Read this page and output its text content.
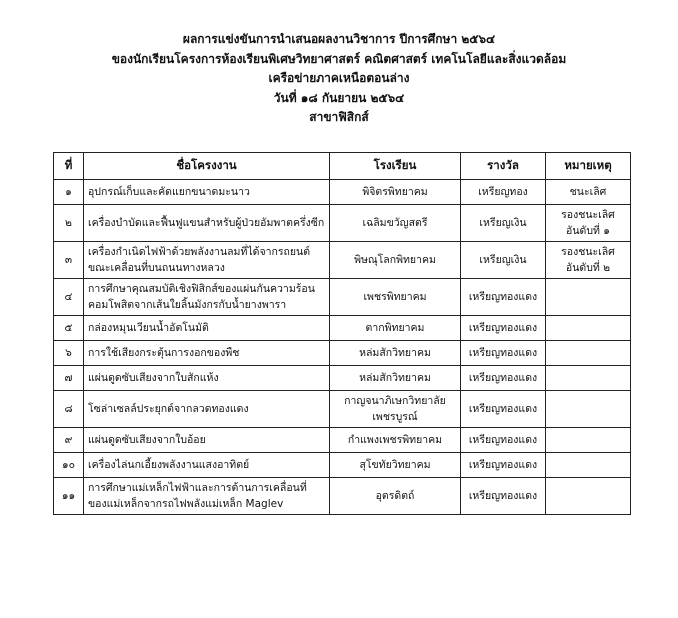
ผลการแข่งขันการนำเสนอผลงานวิชาการ ปีการศึกษา ๒๕๖๔
ของนักเรียนโครงการห้องเรียนพิเศษวิทยาศาสตร์ คณิตศาสตร์ เทคโนโลยีและสิ่งแวดล้อม
เครือข่ายภาคเหนือตอนล่าง
วันที่ ๑๘ กันยายน ๒๕๖๔
สาขาฟิสิกส์
ที่	ชื่อโครงงาน	โรงเรียน	รางวัล	หมายเหตุ
๑	อุปกรณ์เก็บและคัดแยกขนาดมะนาว	พิจิตรพิทยาคม	เหรียญทอง	ชนะเลิศ
๒	เครื่องบำบัดและฟื้นฟูแขนสำหรับผู้ป่วยอัมพาตครึ่งซีก	เฉลิมขวัญสตรี	เหรียญเงิน	รองชนะเลิศอันดับที่ ๑
๓	เครื่องกำเนิดไฟฟ้าด้วยพลังงานลมที่ได้จากรถยนต์ขณะเคลื่อนที่บนถนนทางหลวง	พิษณุโลกพิทยาคม	เหรียญเงิน	รองชนะเลิศอันดับที่ ๒
๔	การศึกษาคุณสมบัติเชิงฟิสิกส์ของแผ่นกันความร้อนคอมโพสิตจากเส้นใยลิ้นมังกรกับน้ำยางพารา	เพชรพิทยาคม	เหรียญทองแดง	
๕	กล่องหมุนเวียนน้ำอัตโนมัติ	ตากพิทยาคม	เหรียญทองแดง	
๖	การใช้เสียงกระตุ้นการงอกของพืช	หล่มสักวิทยาคม	เหรียญทองแดง	
๗	แผ่นดูดซับเสียงจากใบสักแห้ง	หล่มสักวิทยาคม	เหรียญทองแดง	
๘	โซล่าเซลล์ประยุกต์จากลวดทองแดง	กาญจนาภิเษกวิทยาลัย เพชรบูรณ์	เหรียญทองแดง	
๙	แผ่นดูดซับเสียงจากใบอ้อย	กำแพงเพชรพิทยาคม	เหรียญทองแดง	
๑๐	เครื่องไล่นกเอี้ยงพลังงานแสงอาทิตย์	สุโขทัยวิทยาคม	เหรียญทองแดง	
๑๑	การศึกษาแม่เหล็กไฟฟ้าและการต้านการเคลื่อนที่ของแม่เหล็กจากรถไฟพลังแม่เหล็ก Maglev	อุตรดิตถ์	เหรียญทองแดง	
